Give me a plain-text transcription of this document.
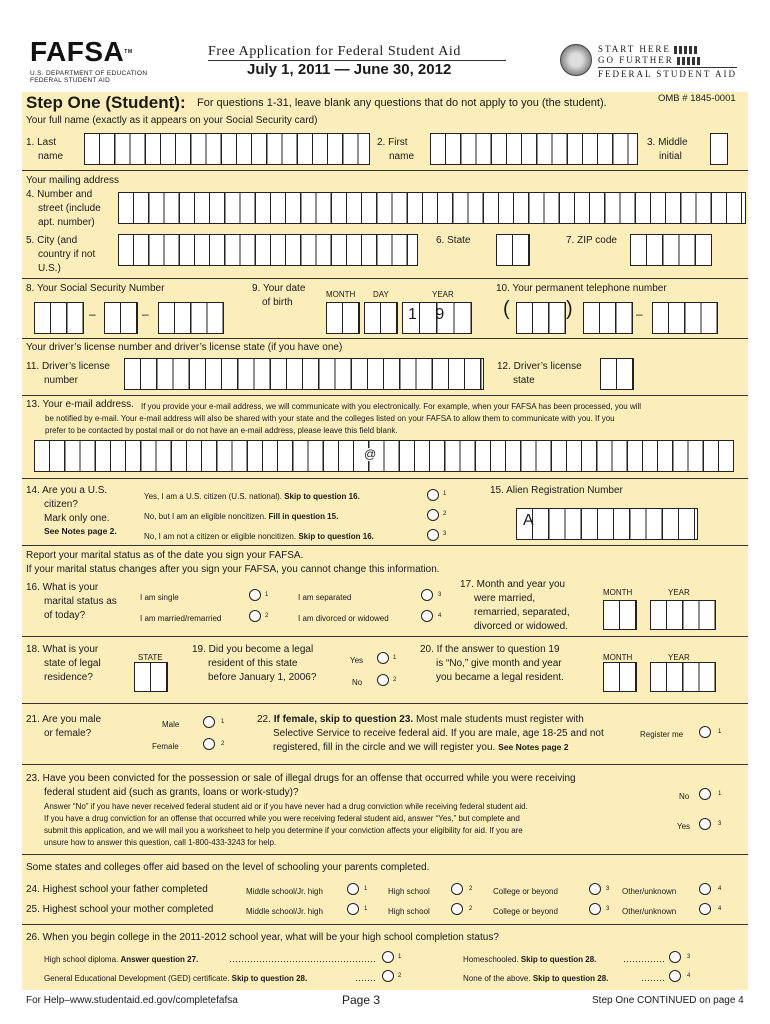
FAFSA™
U.S. DEPARTMENT OF EDUCATION
FEDERAL STUDENT AID
Free Application for Federal Student Aid
July 1, 2011 — June 30, 2012
START HERE
GO FURTHER
FEDERAL STUDENT AID
Step One (Student): For questions 1-31, leave blank any questions that do not apply to you (the student).	OMB # 1845-0001
Your full name (exactly as it appears on your Social Security card)
1. Last
name
2. First
name
3. Middle
initial
Your mailing address
4. Number and
street (include
apt. number)
5. City (and
country if not
U.S.)
6. State	7. ZIP code
8. Your Social Security Number
–	–
9. Your date
of birth
MONTH DAY	YEAR
1 9
10. Your permanent telephone number
(	)	–
Your driver’s license number and driver’s license state (if you have one)
11. Driver’s license
number
12. Driver’s license
state
13. Your e-mail address. If you provide your e-mail address, we will communicate with you electronically. For example, when your FAFSA has been processed, you will
be notified by e-mail. Your e-mail address will also be shared with your state and the colleges listed on your FAFSA to allow them to communicate with you. If you
prefer to be contacted by postal mail or do not have an e-mail address, please leave this field blank.
@
14. Are you a U.S.
citizen?
Mark only one.
See Notes page 2.
Yes, I am a U.S. citizen (U.S. national). Skip to question 16.	1
No, but I am an eligible noncitizen. Fill in question 15.	2
No, I am not a citizen or eligible noncitizen. Skip to question 16.	3
15. Alien Registration Number
A
Report your marital status as of the date you sign your FAFSA.
If your marital status changes after you sign your FAFSA, you cannot change this information.
16. What is your
marital status as
of today?
I am single	1
I am married/remarried	2
I am separated	3
I am divorced or widowed	4
17. Month and year you
were married,
remarried, separated,
divorced or widowed.
MONTH	YEAR
18. What is your
state of legal
residence?
STATE
19. Did you become a legal
resident of this state
before January 1, 2006?
Yes	1
No	2
20. If the answer to question 19
is “No,” give month and year
you became a legal resident.
MONTH	YEAR
21. Are you male
or female?
Male	1
Female	2
22. If female, skip to question 23. Most male students must register with
Selective Service to receive federal aid. If you are male, age 18-25 and not
registered, fill in the circle and we will register you. See Notes page 2
Register me	1
23. Have you been convicted for the possession or sale of illegal drugs for an offense that occurred while you were receiving
federal student aid (such as grants, loans or work-study)?
Answer “No” if you have never received federal student aid or if you have never had a drug conviction while receiving federal student aid.
If you have a drug conviction for an offense that occurred while you were receiving federal student aid, answer “Yes,” but complete and
submit this application, and we will mail you a worksheet to help you determine if your conviction affects your eligibility for aid. If you are
unsure how to answer this question, call 1-800-433-3243 for help.
No	1
Yes	3
Some states and colleges offer aid based on the level of schooling your parents completed.
24. Highest school your father completed	Middle school/Jr. high	1	High school	2	College or beyond	3 Other/unknown	4
25. Highest school your mother completed	Middle school/Jr. high	1	High school	2	College or beyond	3 Other/unknown	4
26. When you begin college in the 2011-2012 school year, what will be your high school completion status?
High school diploma. Answer question 27.	1
General Educational Development (GED) certificate. Skip to question 28.	2
Homeschooled. Skip to question 28.	3
None of the above. Skip to question 28.	4
For Help–www.studentaid.ed.gov/completefafsa	Page 3	Step One CONTINUED on page 4
